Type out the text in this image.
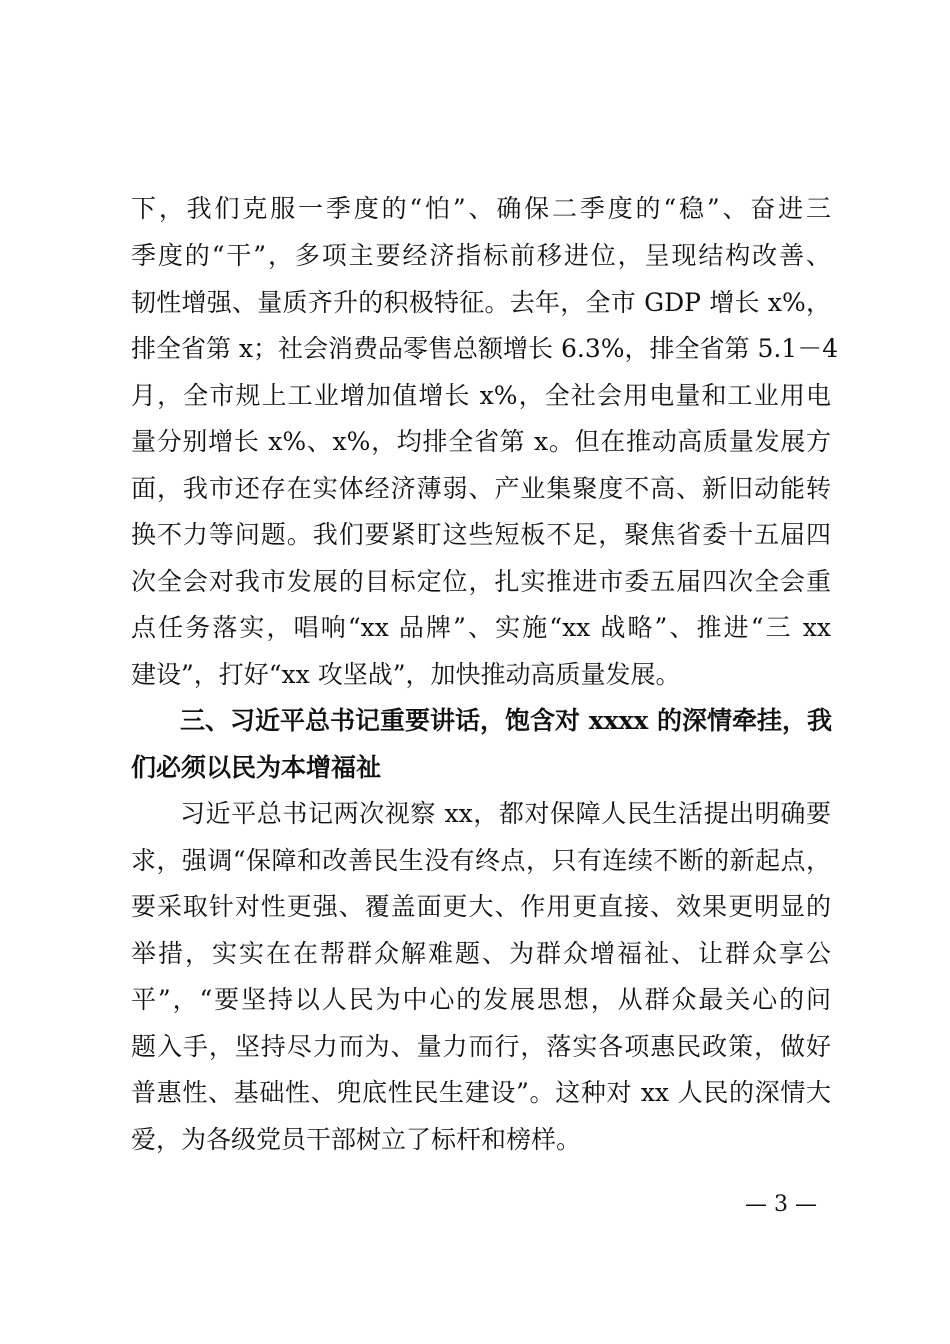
下，我们克服一季度的“怕”、确保二季度的“稳”、奋进三
季度的“干”，多项主要经济指标前移进位，呈现结构改善、
韧性增强、量质齐升的积极特征。去年，全市 GDP 增长 x%，
排全省第 x；社会消费品零售总额增长 6.3%，排全省第 5.1－4
月，全市规上工业增加值增长 x%，全社会用电量和工业用电
量分别增长 x%、x%，均排全省第 x。但在推动高质量发展方
面，我市还存在实体经济薄弱、产业集聚度不高、新旧动能转
换不力等问题。我们要紧盯这些短板不足，聚焦省委十五届四
次全会对我市发展的目标定位，扎实推进市委五届四次全会重
点任务落实，唱响“xx 品牌”、实施“xx 战略”、推进“三 xx
建设”，打好“xx 攻坚战”，加快推动高质量发展。
三、习近平总书记重要讲话，饱含对 xxxx 的深情牵挂，我
们必须以民为本增福祉
习近平总书记两次视察 xx，都对保障人民生活提出明确要
求，强调“保障和改善民生没有终点，只有连续不断的新起点，
要采取针对性更强、覆盖面更大、作用更直接、效果更明显的
举措，实实在在帮群众解难题、为群众增福祉、让群众享公
平”，“要坚持以人民为中心的发展思想，从群众最关心的问
题入手，坚持尽力而为、量力而行，落实各项惠民政策，做好
普惠性、基础性、兜底性民生建设”。这种对 xx 人民的深情大
爱，为各级党员干部树立了标杆和榜样。
— 3 —
